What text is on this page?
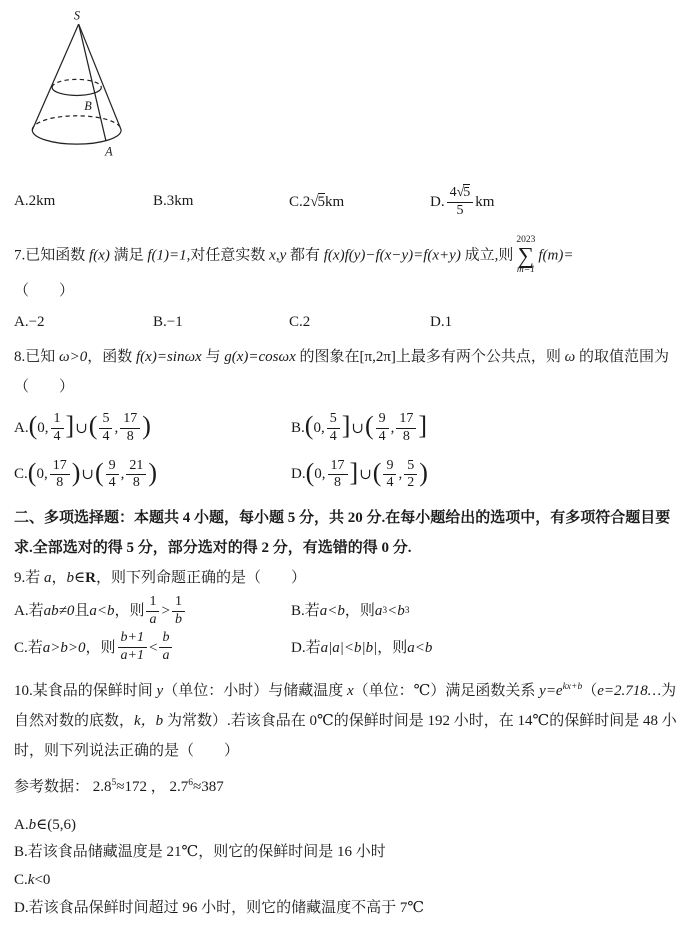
S
B
A
A.2km	B.3km	C.2 √ 5 km	D. $\frac{4√5}{5}$ km

7.已知函数 f(x) 满足 f(1)=1,对任意实数 x,y 都有 f(x)f(y)−f(x−y)=f(x+y) 成立,则
2023
∑
m=1
f(m)=

（　　）
A.−2	B.−1	C.2	D.1

8.已知 ω>0，函数 f(x)=sinωx 与 g(x)=cosωx 的图象在[π,2π]上最多有两个公共点，则 ω 的取值范围为（　　）

A. ( 0, $\frac{1}{4}$ ] ∪ ( $\frac{5}{4}$ , $\frac{17}{8}$ )	B. ( 0, $\frac{5}{4}$ ] ∪ ( $\frac{9}{4}$ , $\frac{17}{8}$ ]
C. ( 0, $\frac{17}{8}$ ) ∪ ( $\frac{9}{4}$ , $\frac{21}{8}$ )	D. ( 0, $\frac{17}{8}$ ] ∪ ( $\frac{9}{4}$ , $\frac{5}{2}$ )

二、多项选择题：本题共 4 小题，每小题 5 分，共 20 分.在每小题给出的选项中，有多项符合题目要求.全部选对的得 5 分，部分选对的得 2 分，有选错的得 0 分.

9.若 a，b∈R，则下列命题正确的是（　　）

A.若 ab≠0 且 a<b ，则 $\frac{1}{a} > \frac{1}{b}$	B.若 a<b ，则 a 3 <b 3
C.若 a>b>0 ，则 $\frac{b+1}{a+1} < \frac{b}{a}$	D.若 a|a|<b|b| ，则 a<b

10.某食品的保鲜时间 y（单位：小时）与储藏温度 x（单位：℃）满足函数关系 $y=e^{kx+b}(e=2.718\dots$为自然对数的底数，k，b 为常数）.若该食品在 0℃的保鲜时间是 192 小时，在 14℃的保鲜时间是 48 小时，则下列说法正确的是（　　）

参考数据： $2.8^5\approx 172$ ， $2.7^6\approx 387$

A.b∈(5,6)
B.若该食品储藏温度是 21℃，则它的保鲜时间是 16 小时
C.k<0
D.若该食品保鲜时间超过 96 小时，则它的储藏温度不高于 7℃
